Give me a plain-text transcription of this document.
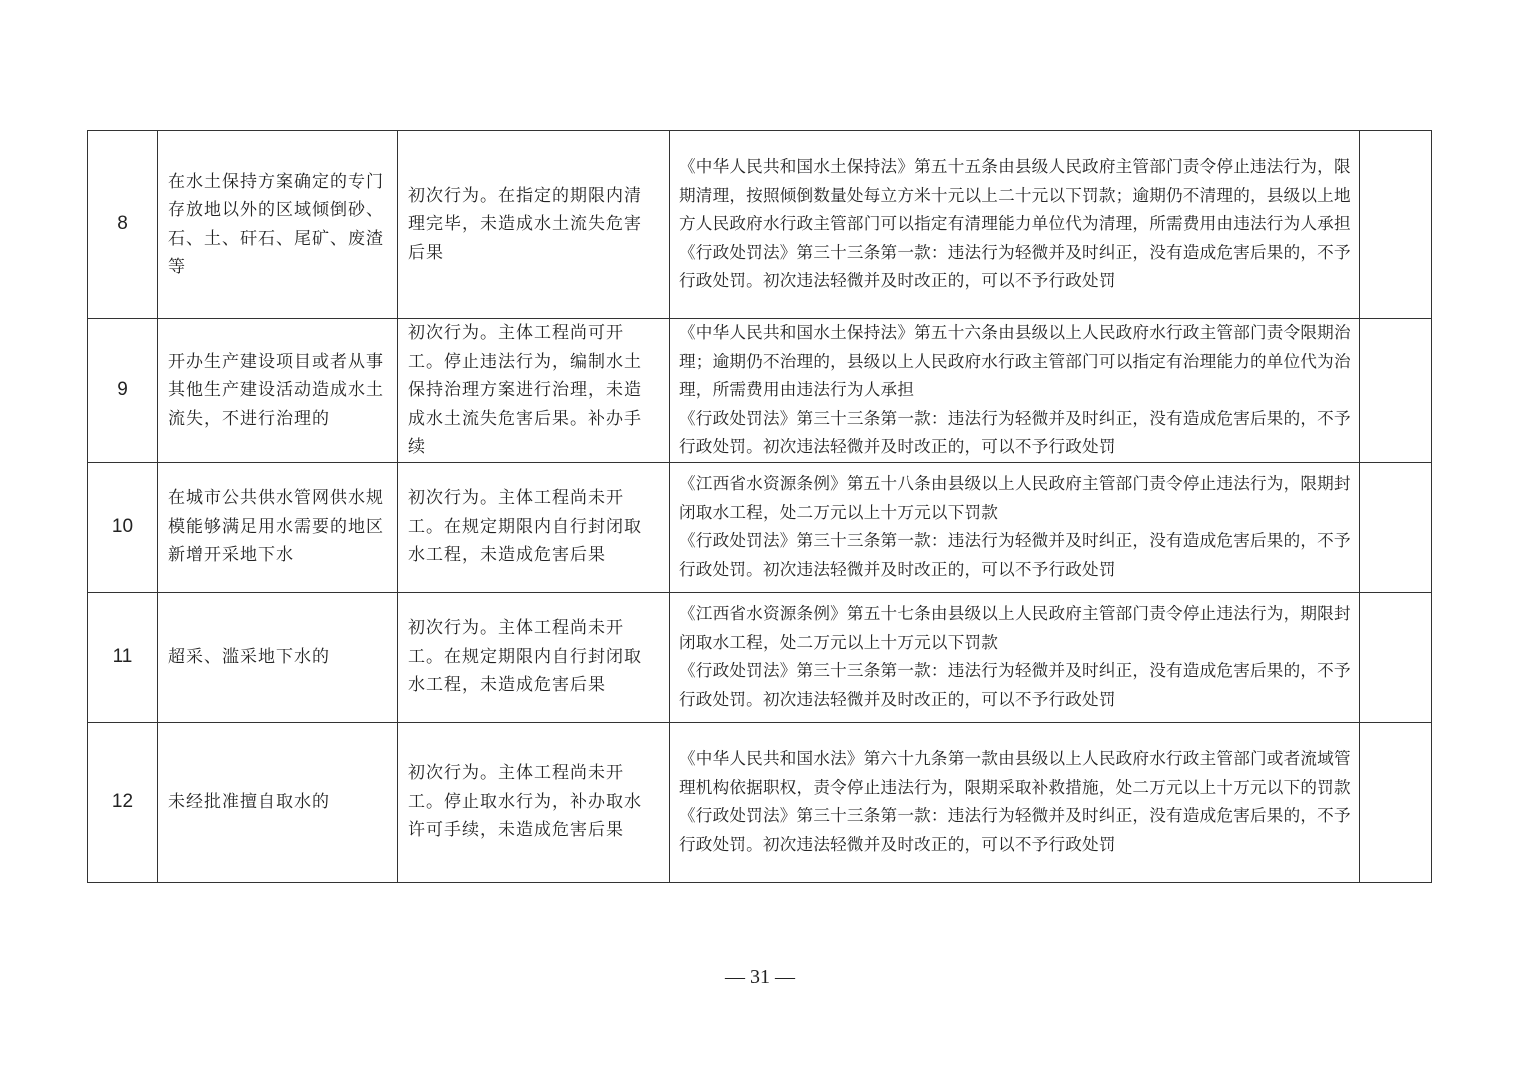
8	在水土保持方案确定的专门存放地以外的区域倾倒砂、石、土、矸石、尾矿、废渣等	初次行为。在指定的期限内清理完毕，未造成水土流失危害后果	《中华人民共和国水土保持法》第五十五条由县级人民政府主管部门责令停止违法行为，限期清理，按照倾倒数量处每立方米十元以上二十元以下罚款；逾期仍不清理的，县级以上地方人民政府水行政主管部门可以指定有清理能力单位代为清理，所需费用由违法行为人承担
《行政处罚法》第三十三条第一款：违法行为轻微并及时纠正，没有造成危害后果的，不予行政处罚。初次违法轻微并及时改正的，可以不予行政处罚	

9	开办生产建设项目或者从事其他生产建设活动造成水土流失，不进行治理的	初次行为。主体工程尚可开工。停止违法行为，编制水土保持治理方案进行治理，未造成水土流失危害后果。补办手续	《中华人民共和国水土保持法》第五十六条由县级以上人民政府水行政主管部门责令限期治理；逾期仍不治理的，县级以上人民政府水行政主管部门可以指定有治理能力的单位代为治理，所需费用由违法行为人承担
《行政处罚法》第三十三条第一款：违法行为轻微并及时纠正，没有造成危害后果的，不予行政处罚。初次违法轻微并及时改正的，可以不予行政处罚	

10	在城市公共供水管网供水规模能够满足用水需要的地区新增开采地下水	初次行为。主体工程尚未开工。在规定期限内自行封闭取水工程，未造成危害后果	《江西省水资源条例》第五十八条由县级以上人民政府主管部门责令停止违法行为，限期封闭取水工程，处二万元以上十万元以下罚款
《行政处罚法》第三十三条第一款：违法行为轻微并及时纠正，没有造成危害后果的，不予行政处罚。初次违法轻微并及时改正的，可以不予行政处罚	

11	超采、滥采地下水的	初次行为。主体工程尚未开工。在规定期限内自行封闭取水工程，未造成危害后果	《江西省水资源条例》第五十七条由县级以上人民政府主管部门责令停止违法行为，期限封闭取水工程，处二万元以上十万元以下罚款
《行政处罚法》第三十三条第一款：违法行为轻微并及时纠正，没有造成危害后果的，不予行政处罚。初次违法轻微并及时改正的，可以不予行政处罚	

12	未经批准擅自取水的	初次行为。主体工程尚未开工。停止取水行为，补办取水许可手续，未造成危害后果	《中华人民共和国水法》第六十九条第一款由县级以上人民政府水行政主管部门或者流域管理机构依据职权，责令停止违法行为，限期采取补救措施，处二万元以上十万元以下的罚款
《行政处罚法》第三十三条第一款：违法行为轻微并及时纠正，没有造成危害后果的，不予行政处罚。初次违法轻微并及时改正的，可以不予行政处罚	

— 31 —
